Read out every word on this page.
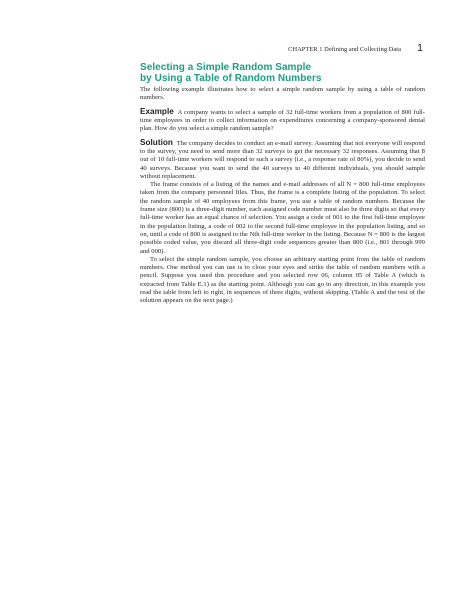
CHAPTER 1 Defining and Collecting Data 1
Selecting a Simple Random Sample
by Using a Table of Random Numbers

The following example illustrates how to select a simple random sample by using a table of random numbers.

Example A company wants to select a sample of 32 full-time workers from a population of 800 full-time employees in order to collect information on expenditures concerning a company-sponsored dental plan. How do you select a simple random sample?

Solution The company decides to conduct an e-mail survey. Assuming that not everyone will respond to the survey, you need to send more than 32 surveys to get the necessary 32 responses. Assuming that 8 out of 10 full-time workers will respond to such a survey (i.e., a response rate of 80%), you decide to send 40 surveys. Because you want to send the 40 surveys to 40 different individuals, you should sample without replacement.

The frame consists of a listing of the names and e-mail addresses of all N = 800 full-time employees taken from the company personnel files. Thus, the frame is a complete listing of the population. To select the random sample of 40 employees from this frame, you use a table of random numbers. Because the frame size (800) is a three-digit number, each assigned code number must also be three digits so that every full-time worker has an equal chance of selection. You assign a code of 001 to the first full-time employee in the population listing, a code of 002 to the second full-time employee in the population listing, and so on, until a code of 800 is assigned to the Nth full-time worker in the listing. Because N = 800 is the largest possible coded value, you discard all three-digit code sequences greater than 800 (i.e., 801 through 999 and 000).

To select the simple random sample, you choose an arbitrary starting point from the table of random numbers. One method you can use is to close your eyes and strike the table of random numbers with a pencil. Suppose you used this procedure and you selected row 06, column 05 of Table A (which is extracted from Table E.1) as the starting point. Although you can go in any direction, in this example you read the table from left to right, in sequences of three digits, without skipping. (Table A and the rest of the solution appears on the next page.)
